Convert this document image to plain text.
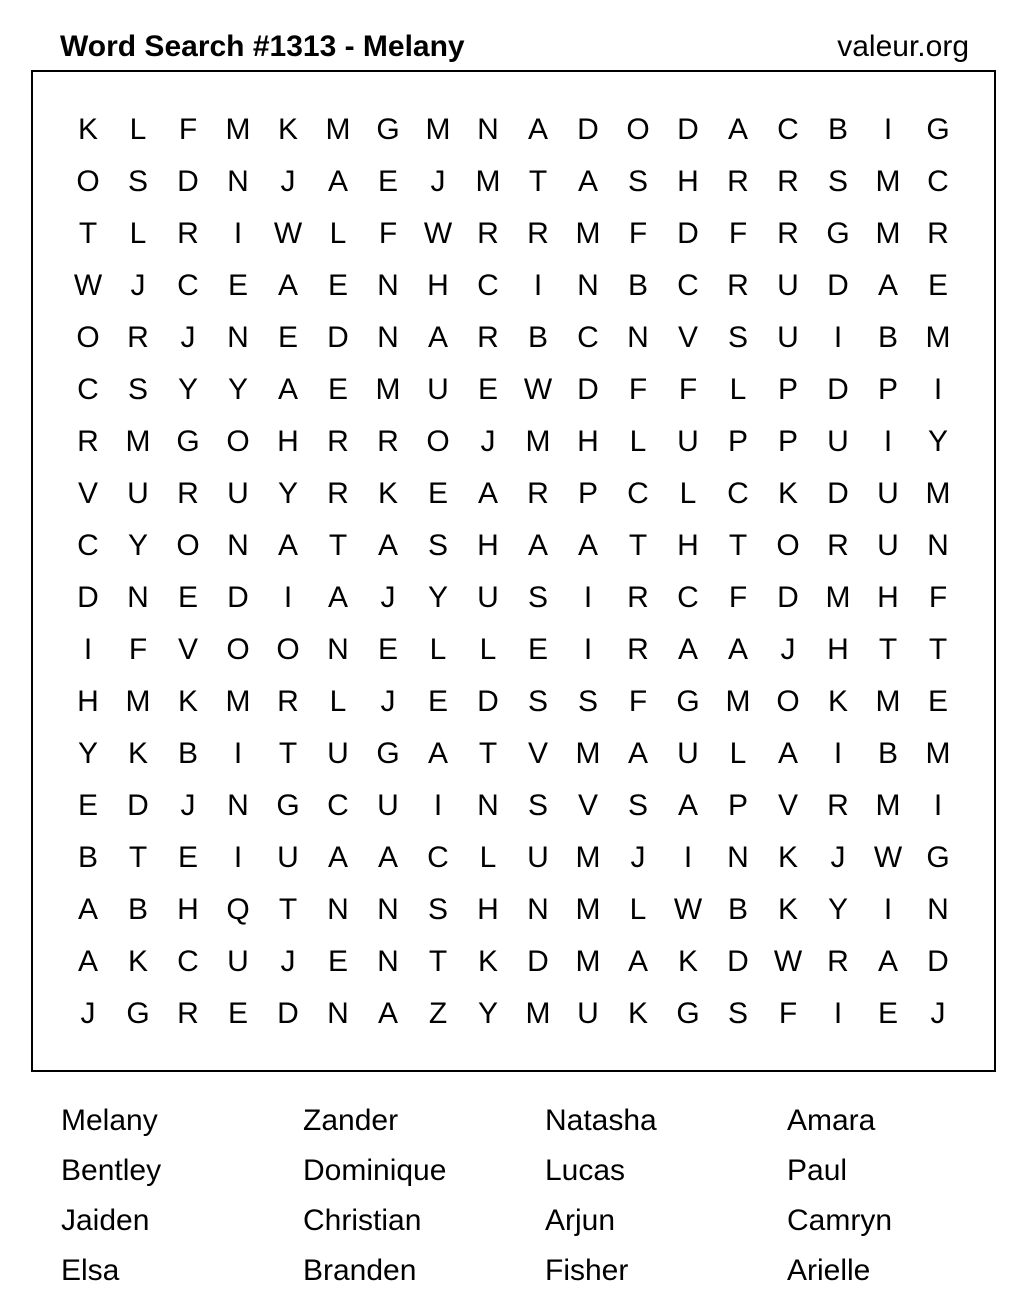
Word Search #1313 - Melany	valeur.org
K	L	F M K M G M N A D O D A C B	I	G
O S D N	J	A E	J	M T	A S H R R S M C
T	L	R	I	W L	F W R R M F	D	F	R G M R
W J	C E A E N H C	I	N B C R U D A E
O R	J	N E D N A R B C N V S U	I	B M
C S Y Y A E M U E W D	F	F	L	P D P	I
R M G O H R R O	J	M H	L	U P P U	I	Y
V U R U Y R K E A R P C	L	C K D U M
C Y O N A	T	A S H A A	T	H	T O R U N
D N E D	I	A	J	Y U S	I	R C	F	D M H	F
I	F	V O O N E	L	L	E	I	R A A	J	H	T	T
H M K M R	L	J	E D S S	F G M O K M E
Y K B	I	T	U G A	T	V M A U	L	A	I	B M
E D	J	N G C U	I	N S V S A P V R M	I
B	T	E	I	U A A C	L	U M	J	I	N K	J W G
A B H Q T	N N S H N M L W B K Y	I	N
A K C U	J	E N	T	K D M A K D W R A D
J	G R E D N A	Z	Y M U K G S	F	I	E	J
Melany	Zander	Natasha	Amara
Bentley	Dominique	Lucas	Paul
Jaiden	Christian	Arjun	Camryn
Elsa	Branden	Fisher	Arielle
